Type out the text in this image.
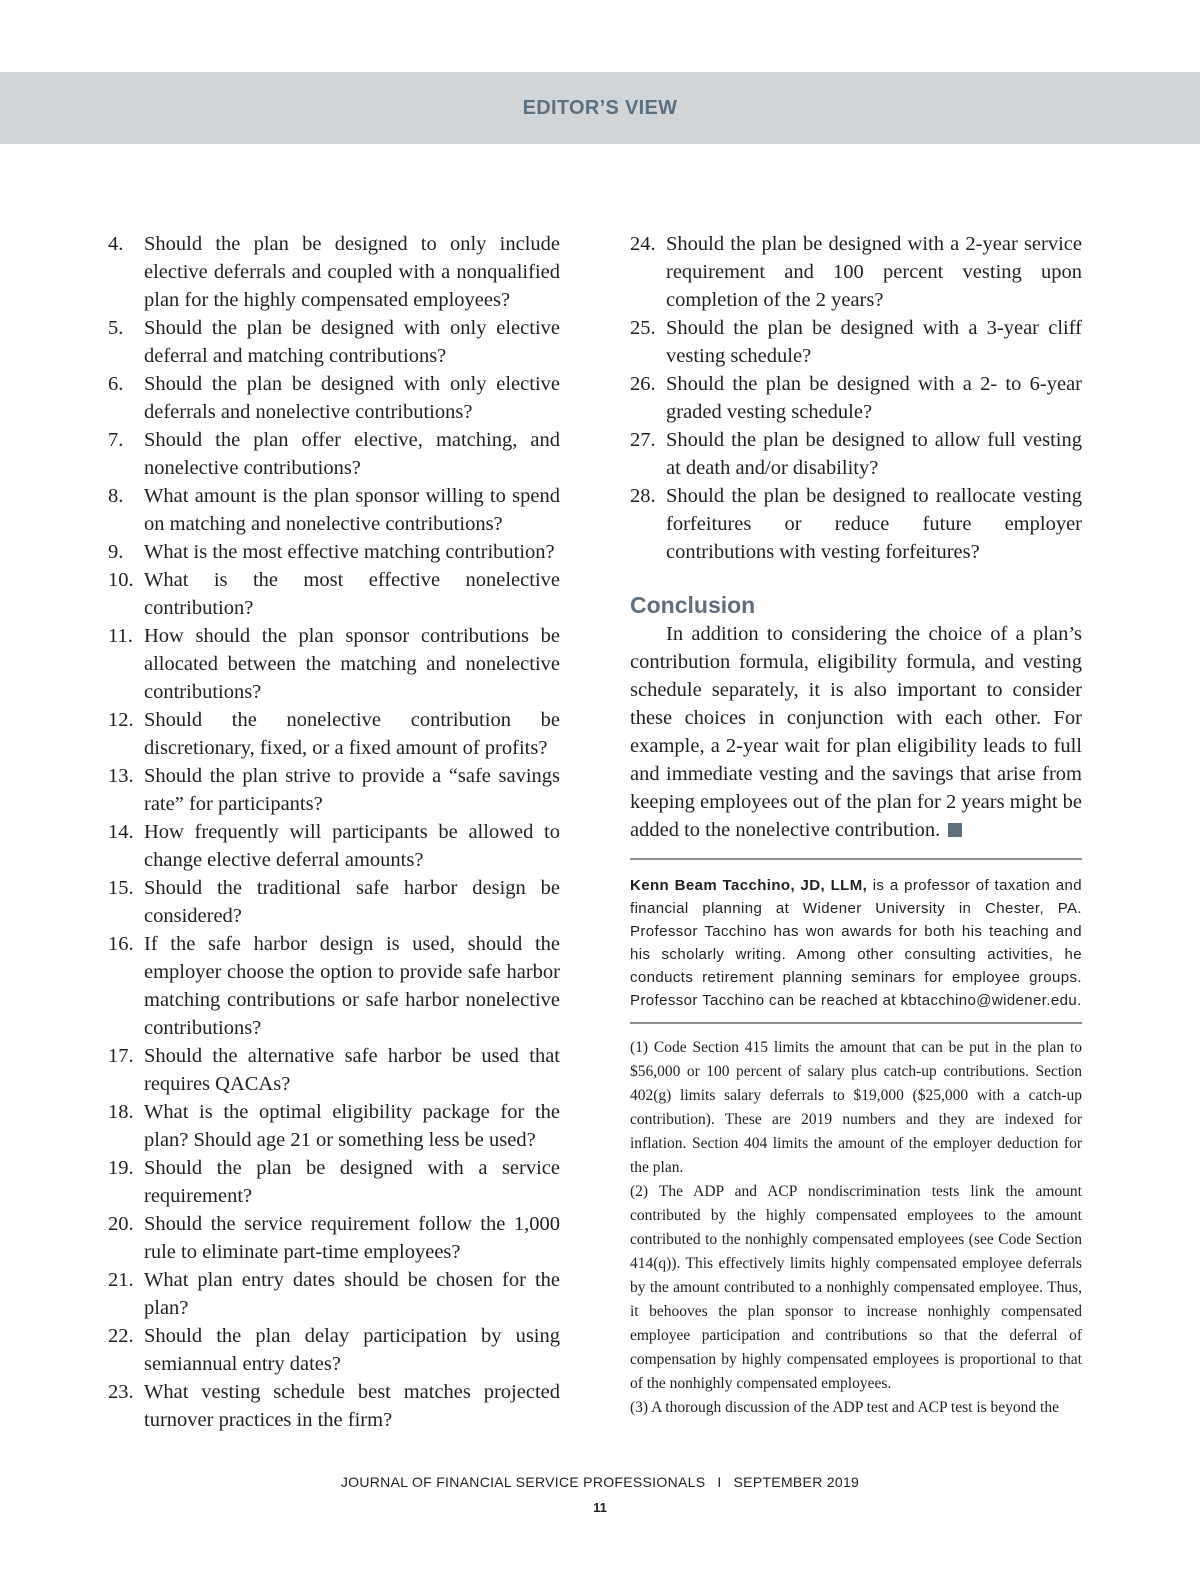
EDITOR’S VIEW
4. Should the plan be designed to only include elective deferrals and coupled with a nonqualified plan for the highly compensated employees?
5. Should the plan be designed with only elective deferral and matching contributions?
6. Should the plan be designed with only elective deferrals and nonelective contributions?
7. Should the plan offer elective, matching, and nonelective contributions?
8. What amount is the plan sponsor willing to spend on matching and nonelective contributions?
9. What is the most effective matching contribution?
10. What is the most effective nonelective contribution?
11. How should the plan sponsor contributions be allocated between the matching and nonelective contributions?
12. Should the nonelective contribution be discretionary, fixed, or a fixed amount of profits?
13. Should the plan strive to provide a “safe savings rate” for participants?
14. How frequently will participants be allowed to change elective deferral amounts?
15. Should the traditional safe harbor design be considered?
16. If the safe harbor design is used, should the employer choose the option to provide safe harbor matching contributions or safe harbor nonelective contributions?
17. Should the alternative safe harbor be used that requires QACAs?
18. What is the optimal eligibility package for the plan? Should age 21 or something less be used?
19. Should the plan be designed with a service requirement?
20. Should the service requirement follow the 1,000 rule to eliminate part-time employees?
21. What plan entry dates should be chosen for the plan?
22. Should the plan delay participation by using semiannual entry dates?
23. What vesting schedule best matches projected turnover practices in the firm?
24. Should the plan be designed with a 2-year service requirement and 100 percent vesting upon completion of the 2 years?
25. Should the plan be designed with a 3-year cliff vesting schedule?
26. Should the plan be designed with a 2- to 6-year graded vesting schedule?
27. Should the plan be designed to allow full vesting at death and/or disability?
28. Should the plan be designed to reallocate vesting forfeitures or reduce future employer contributions with vesting forfeitures?
Conclusion

In addition to considering the choice of a plan’s contribution formula, eligibility formula, and vesting schedule separately, it is also important to consider these choices in conjunction with each other. For example, a 2-year wait for plan eligibility leads to full and immediate vesting and the savings that arise from keeping employees out of the plan for 2 years might be added to the nonelective contribution.

Kenn Beam Tacchino, JD, LLM, is a professor of taxation and financial planning at Widener University in Chester, PA. Professor Tacchino has won awards for both his teaching and his scholarly writing. Among other consulting activities, he conducts retirement planning seminars for employee groups. Professor Tacchino can be reached at kbtacchino@widener.edu.

(1) Code Section 415 limits the amount that can be put in the plan to $56,000 or 100 percent of salary plus catch-up contributions. Section 402(g) limits salary deferrals to $19,000 ($25,000 with a catch-up contribution). These are 2019 numbers and they are indexed for inflation. Section 404 limits the amount of the employer deduction for the plan.

(2) The ADP and ACP nondiscrimination tests link the amount contributed by the highly compensated employees to the amount contributed to the nonhighly compensated employees (see Code Section 414(q)). This effectively limits highly compensated employee deferrals by the amount contributed to a nonhighly compensated employee. Thus, it behooves the plan sponsor to increase nonhighly compensated employee participation and contributions so that the deferral of compensation by highly compensated employees is proportional to that of the nonhighly compensated employees.

(3) A thorough discussion of the ADP test and ACP test is beyond the

JOURNAL OF FINANCIAL SERVICE PROFESSIONALS I SEPTEMBER 2019
11
